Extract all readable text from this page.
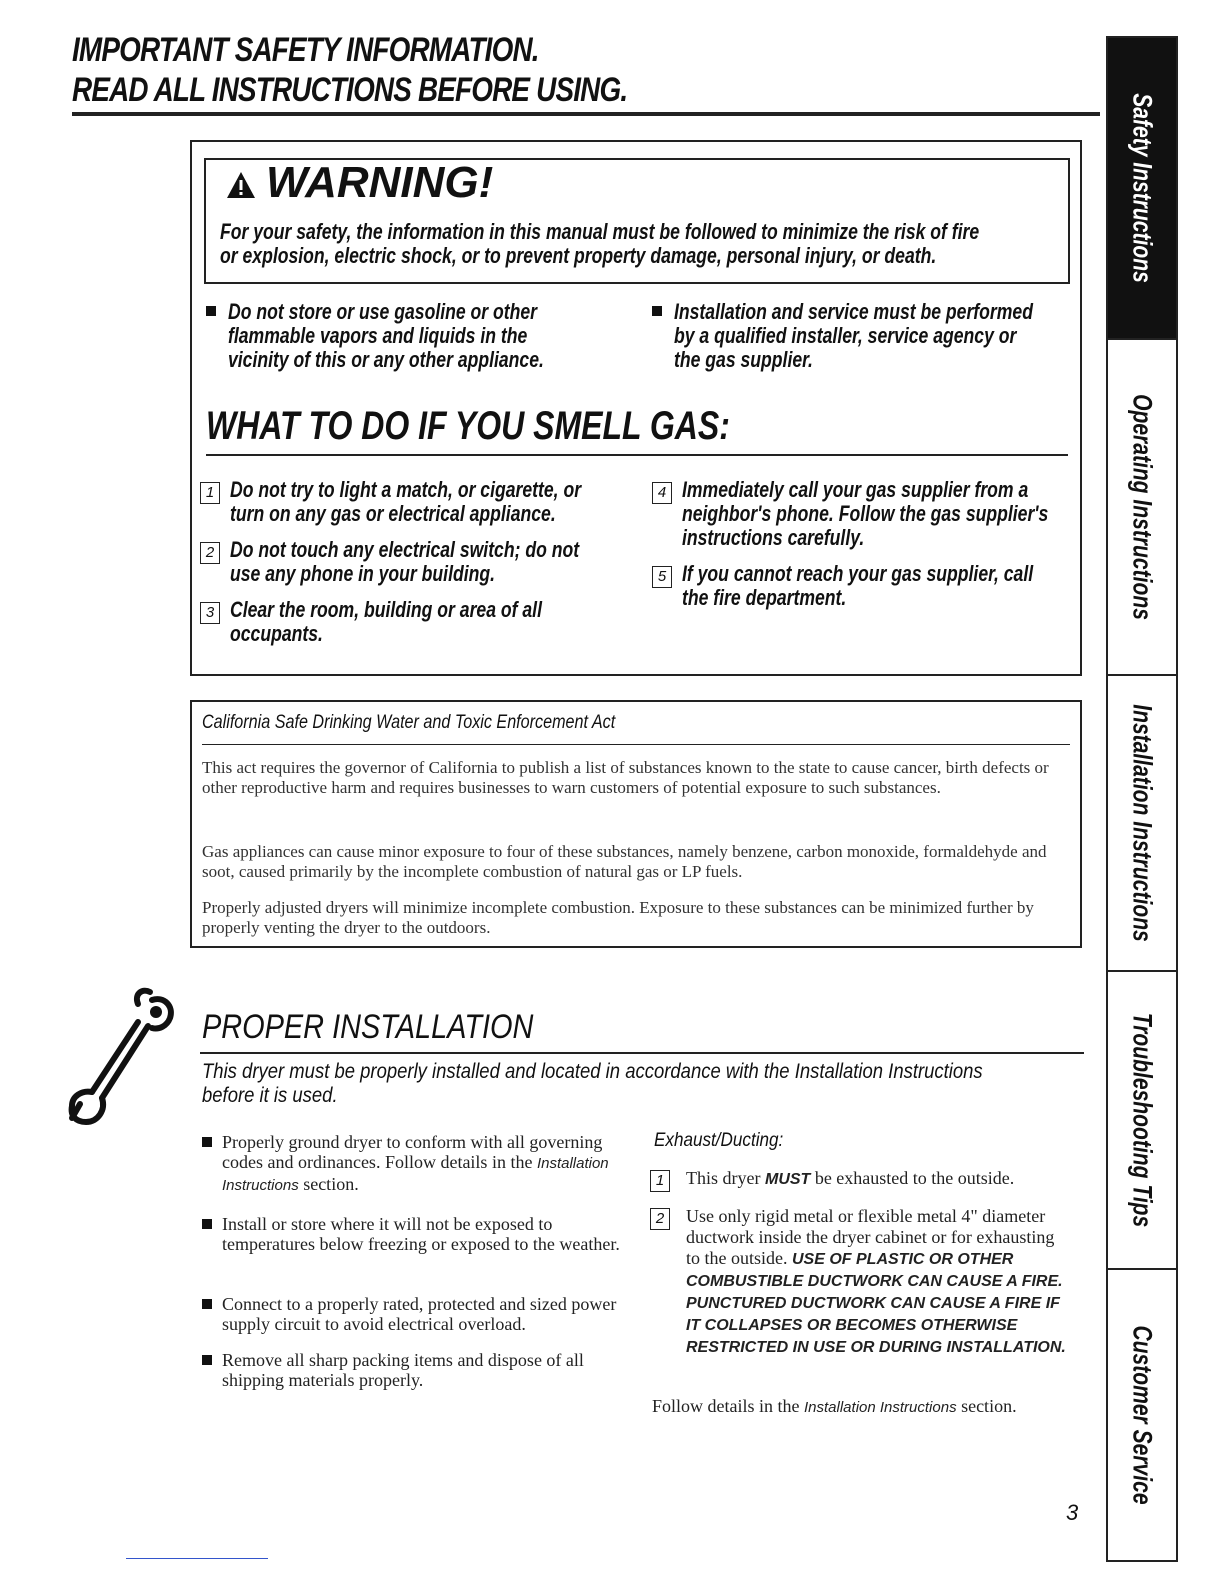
IMPORTANT SAFETY INFORMATION.
READ ALL INSTRUCTIONS BEFORE USING.
Safety Instructions
Operating Instructions
Installation Instructions
Troubleshooting Tips
Customer Service
WARNING!
For your safety, the information in this manual must be followed to minimize the risk of fire
or explosion, electric shock, or to prevent property damage, personal injury, or death.
Do not store or use gasoline or other
flammable vapors and liquids in the
vicinity of this or any other appliance.
Installation and service must be performed
by a qualified installer, service agency or
the gas supplier.
WHAT TO DO IF YOU SMELL GAS:
1 Do not try to light a match, or cigarette, or
turn on any gas or electrical appliance.
2 Do not touch any electrical switch; do not
use any phone in your building.
3 Clear the room, building or area of all
occupants.
4 Immediately call your gas supplier from a
neighbor's phone. Follow the gas supplier's
instructions carefully.
5 If you cannot reach your gas supplier, call
the fire department.
California Safe Drinking Water and Toxic Enforcement Act
This act requires the governor of California to publish a list of substances known to the state to cause cancer, birth defects or other reproductive harm and requires businesses to warn customers of potential exposure to such substances.
Gas appliances can cause minor exposure to four of these substances, namely benzene, carbon monoxide, formaldehyde and soot, caused primarily by the incomplete combustion of natural gas or LP fuels.
Properly adjusted dryers will minimize incomplete combustion. Exposure to these substances can be minimized further by properly venting the dryer to the outdoors.
PROPER INSTALLATION
This dryer must be properly installed and located in accordance with the Installation Instructions
before it is used.
Properly ground dryer to conform with all governing codes and ordinances. Follow details in the Installation Instructions section.
Install or store where it will not be exposed to temperatures below freezing or exposed to the weather.
Connect to a properly rated, protected and sized power supply circuit to avoid electrical overload.
Remove all sharp packing items and dispose of all shipping materials properly.
Exhaust/Ducting:
1	This dryer MUST be exhausted to the outside.
2	Use only rigid metal or flexible metal 4" diameter ductwork inside the dryer cabinet or for exhausting to the outside. USE OF PLASTIC OR OTHER COMBUSTIBLE DUCTWORK CAN CAUSE A FIRE. PUNCTURED DUCTWORK CAN CAUSE A FIRE IF IT COLLAPSES OR BECOMES OTHERWISE RESTRICTED IN USE OR DURING INSTALLATION.
Follow details in the Installation Instructions section.
3
